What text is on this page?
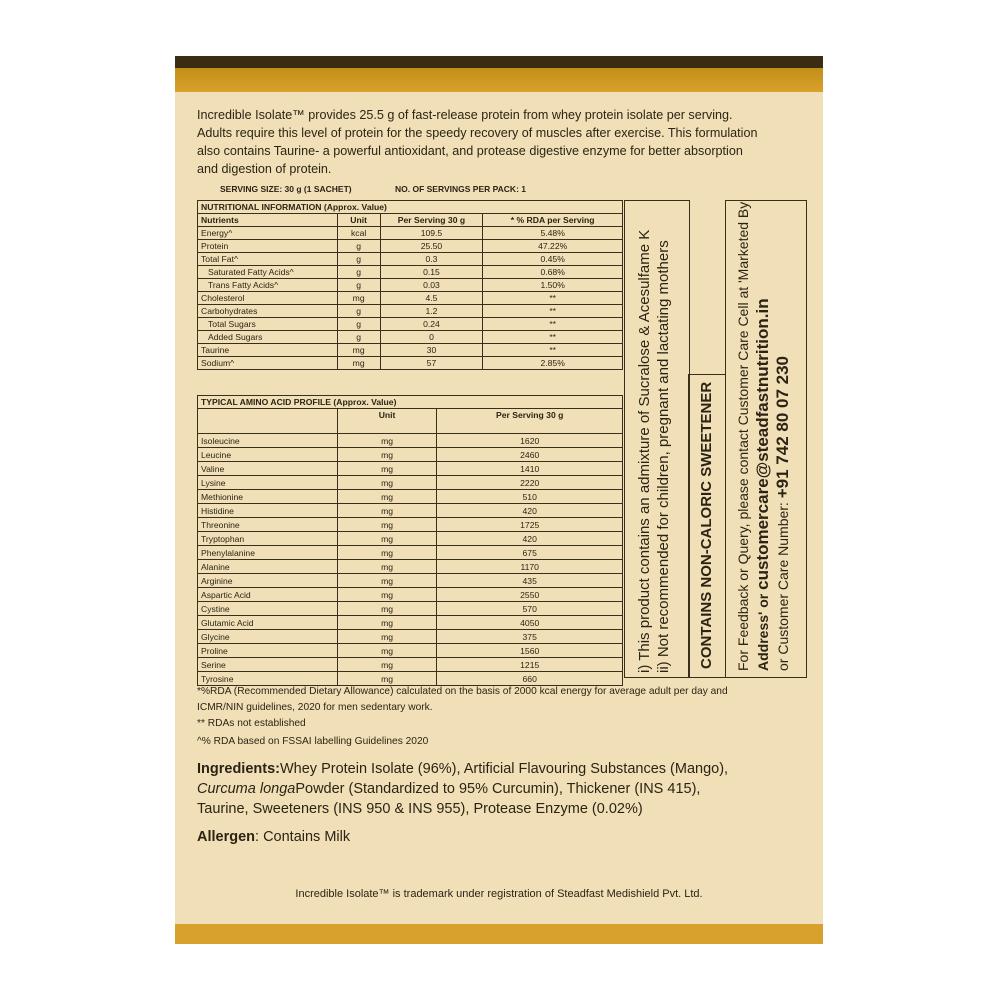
Incredible Isolate™ provides 25.5 g of fast-release protein from whey protein isolate per serving.
Adults require this level of protein for the speedy recovery of muscles after exercise. This formulation
also contains Taurine- a powerful antioxidant, and protease digestive enzyme for better absorption
and digestion of protein.
SERVING SIZE: 30 g (1 SACHET)	NO. OF SERVINGS PER PACK: 1
NUTRITIONAL INFORMATION (Approx. Value)			
Nutrients	Unit	Per Serving 30 g	* % RDA per Serving
Energy^	kcal	109.5	5.48%
Protein	g	25.50	47.22%
Total Fat^	g	0.3	0.45%
Saturated Fatty Acids^	g	0.15	0.68%
Trans Fatty Acids^	g	0.03	1.50%
Cholesterol	mg	4.5	**
Carbohydrates	g	1.2	**
Total Sugars	g	0.24	**
Added Sugars	g	0	**
Taurine	mg	30	**
Sodium^	mg	57	2.85%
TYPICAL AMINO ACID PROFILE (Approx. Value)		
	Unit	Per Serving 30 g
Isoleucine	mg	1620
Leucine	mg	2460
Valine	mg	1410
Lysine	mg	2220
Methionine	mg	510
Histidine	mg	420
Threonine	mg	1725
Tryptophan	mg	420
Phenylalanine	mg	675
Alanine	mg	1170
Arginine	mg	435
Aspartic Acid	mg	2550
Cystine	mg	570
Glutamic Acid	mg	4050
Glycine	mg	375
Proline	mg	1560
Serine	mg	1215
Tyrosine	mg	660
*%RDA (Recommended Dietary Allowance) calculated on the basis of 2000 kcal energy for average adult per day and
ICMR/NIN guidelines, 2020 for men sedentary work.
** RDAs not established
^% RDA based on FSSAI labelling Guidelines 2020
Ingredients:Whey Protein Isolate (96%), Artificial Flavouring Substances (Mango),
Curcuma longaPowder (Standardized to 95% Curcumin), Thickener (INS 415),
Taurine, Sweeteners (INS 950 & INS 955), Protease Enzyme (0.02%)
Allergen: Contains Milk
Incredible Isolate™ is trademark under registration of Steadfast Medishield Pvt. Ltd.
i) This product contains an admixture of Sucralose & Acesulfame K ii) Not recommended for children, pregnant and lactating mothers CONTAINS NON-CALORIC SWEETENER For Feedback or Query, please contact Customer Care Cell at 'Marketed By Address' or customercare@steadfastnutrition.in or Customer Care Number: +91 742 80 07 230
